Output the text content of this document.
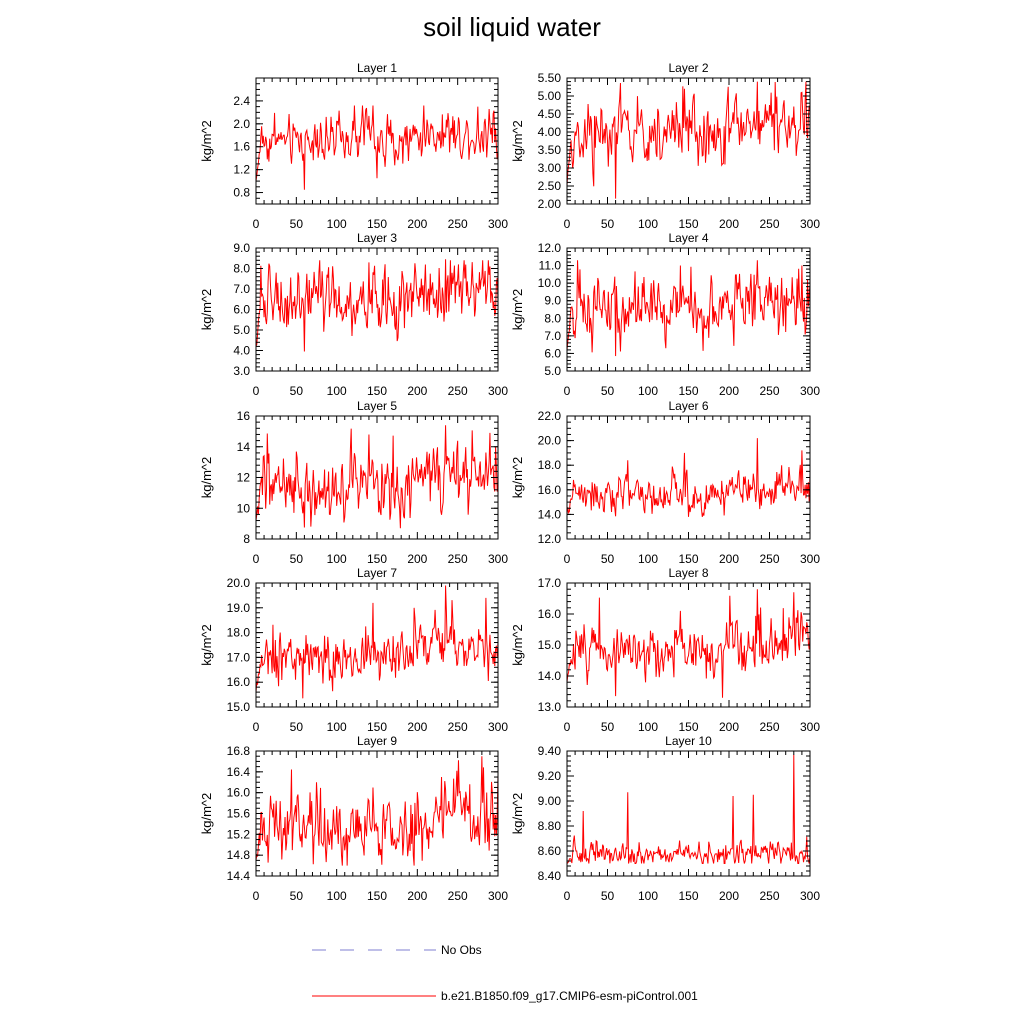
soil liquid water
Layer 1
kg/m^2
0	50 100 150 200 250 300
0.8
1.2
1.6
2.0
2.4
Layer 2
kg/m^2
0	50 100 150 200 250 300
2.00
2.50
3.00
3.50
4.00
4.50
5.00
5.50
Layer 3
kg/m^2
0	50 100 150 200 250 300
3.0
4.0
5.0
6.0
7.0
8.0
9.0
Layer 4
kg/m^2
0	50 100 150 200 250 300
5.0
6.0
7.0
8.0
9.0
10.0
11.0
12.0
Layer 5
kg/m^2
0	50 100 150 200 250 300
8
10
12
14
16
Layer 6
kg/m^2
0	50 100 150 200 250 300
12.0
14.0
16.0
18.0
20.0
22.0
Layer 7
kg/m^2
0	50 100 150 200 250 300
15.0
16.0
17.0
18.0
19.0
20.0
Layer 8
kg/m^2
0	50 100 150 200 250 300
13.0
14.0
15.0
16.0
17.0
Layer 9
kg/m^2
0	50 100 150 200 250 300
14.4
14.8
15.2
15.6
16.0
16.4
16.8
Layer 10
kg/m^2
0	50 100 150 200 250 300
8.40
8.60
8.80
9.00
9.20
9.40
No Obs
b.e21.B1850.f09_g17.CMIP6-esm-piControl.001
